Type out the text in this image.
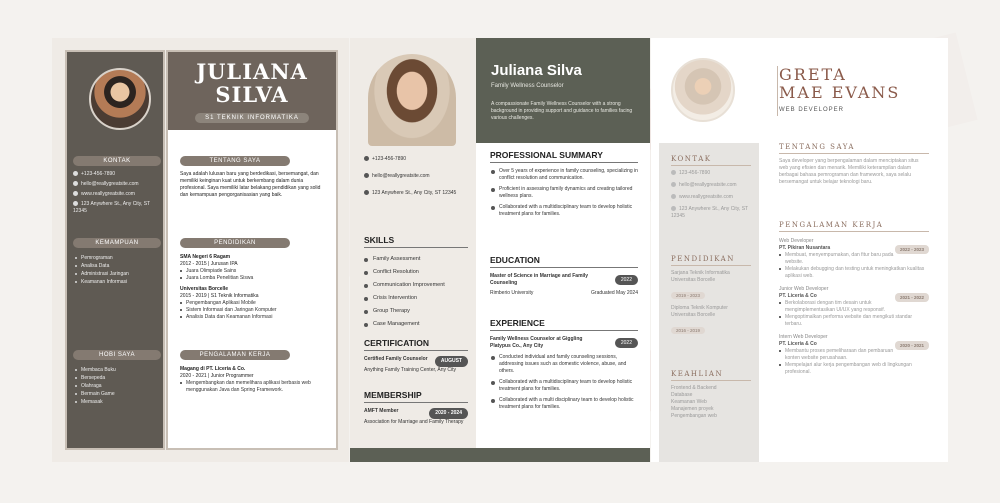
KONTAK
+123-456-7890
hello@reallygreatsite.com
www.reallygreatsite.com
123 Anywhere St., Any City, ST 12345
KEMAMPUAN
Pemrograman
Analisa Data
Administrasi Jaringan
Keamanan Informasi
HOBI SAYA
Membaca Buku
Bersepeda
Olahraga
Bermain Game
Memasak
JULIANA
SILVA
S1 TEKNIK INFORMATIKA
TENTANG SAYA
Saya adalah lulusan baru yang berdedikasi, bersemangat, dan memiliki keinginan kuat untuk berkembang dalam dunia profesional. Saya memiliki latar belakang pendidikan yang solid dan kemampuan pengorganisasian yang baik.
PENDIDIKAN
SMA Negeri 6 Ragam
2012 - 2015 | Jurusan IPA
Juara Olimpiade Sains
Juara Lomba Penelitian Siswa
Universitas Borcelle
2015 - 2019 | S1 Teknik Informatika
Pengembangan Aplikasi Mobile
Sistem Informasi dan Jaringan Komputer
Analisis Data dan Keamanan Informasi
PENGALAMAN KERJA
Magang di PT. Liceria & Co.
2020 - 2021 | Junior Programmer
Mengembangkan dan memelihara aplikasi berbasis web menggunakan Java dan Spring Framework.
+123-456-7890
hello@reallygreatsite.com
123 Anywhere St., Any City, ST 12345
SKILLS
Family Assessment
Conflict Resolution
Communication Improvement
Crisis Intervention
Group Therapy
Case Management
CERTIFICATION
Certified Family Counselor	AUGUST
Anything Family Training Center, Any City
MEMBERSHIP
AMFT Member	2020 - 2024
Association for Marriage and Family Therapy
Juliana Silva
Family Wellness Counselor
A compassionate Family Wellness Counselor with a strong background in providing support and guidance to families facing various challenges.
PROFESSIONAL SUMMARY
Over 5 years of experience in family counseling, specializing in conflict resolution and communication.
Proficient in assessing family dynamics and creating tailored wellness plans.
Collaborated with a multidisciplinary team to develop holistic treatment plans for families.
EDUCATION
2022
Master of Science in Marriage and Family Counseling
Rimberio University	Graduated May 2024
EXPERIENCE
2022
Family Wellness Counselor at Giggling Platypus Co., Any City
Conducted individual and family counseling sessions, addressing issues such as domestic violence, abuse, and others.
Collaborated with a multidisciplinary team to develop holistic treatment plans for families.
Collaborated with a multi disciplinary team to develop holistic treatment plans for families.
GRETA
MAE EVANS
WEB DEVELOPER
KONTAK
123-456-7890
hello@reallygreatsite.com
www.reallygreatsite.com
123 Anywhere St., Any City, ST 12345
PENDIDIKAN
Sarjana Teknik Informatika
Universitas Borcelle
2019 - 2023
Diploma Teknik Komputer
Universitas Borcelle
2016 - 2019
KEAHLIAN
Frontend & Backend
Database
Keamanan Web
Manajemen proyek
Pengembangan web
TENTANG SAYA
Saya developer yang berpengalaman dalam menciptakan situs web yang efisien dan menarik. Memiliki keterampilan dalam berbagai bahasa pemrograman dan framework, saya selalu bersemangat untuk belajar teknologi baru.
PENGALAMAN KERJA
Web Developer
PT. Pikiran Nusantara	2022 - 2023
Membuat, menyempurnakan, dan fitur baru pada website.
Melakukan debugging dan testing untuk meningkatkan kualitas aplikasi web.
Junior Web Developer
PT. Liceria & Co	2021 - 2022
Berkolaborasi dengan tim desain untuk mengimplementasikan UI/UX yang responsif.
Mengoptimalkan performa website dan mengikuti standar terbaru.
Intern Web Developer
PT. Liceria & Co	2020 - 2021
Membantu proses pemeliharaan dan pembaruan konten website perusahaan.
Mempelajari alur kerja pengembangan web di lingkungan profesional.
